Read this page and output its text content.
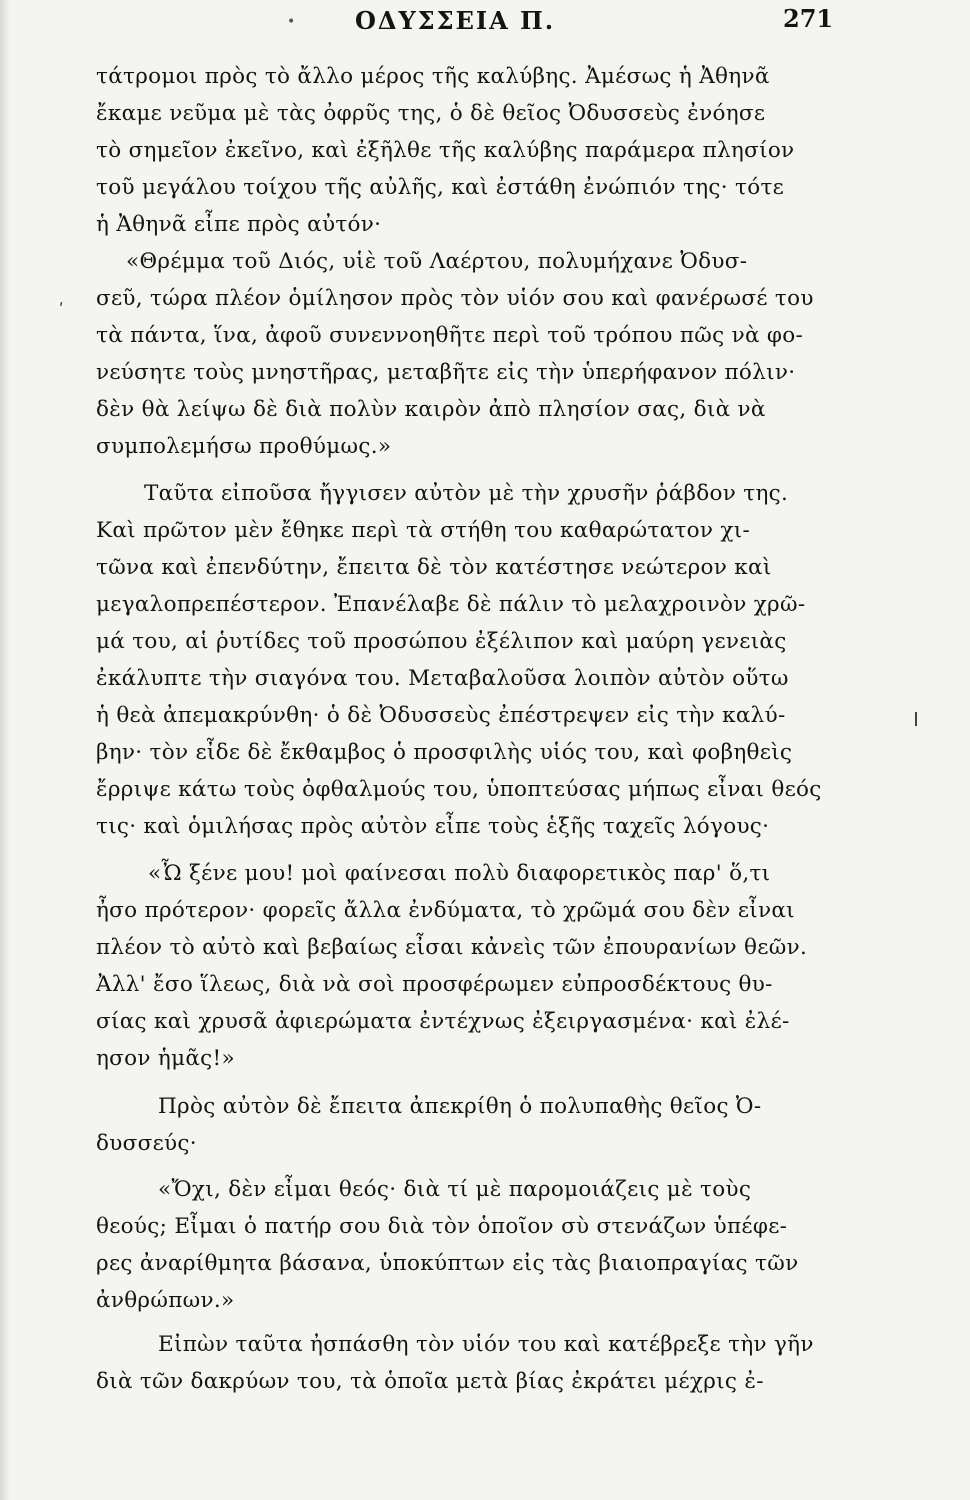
• ΟΔΥΣΣΕΙΑ Π.	271
ʹ
τάτρομοι πρὸς τὸ ἄλλο μέρος τῆς καλύβης. Ἀμέσως ἡ Ἀθηνᾶ
ἔκαμε νεῦμα μὲ τὰς ὀφρῦς της, ὁ δὲ θεῖος Ὀδυσσεὺς ἐνόησε
τὸ σημεῖον ἐκεῖνο, καὶ ἐξῆλθε τῆς καλύβης παράμερα πλησίον
τοῦ μεγάλου τοίχου τῆς αὐλῆς, καὶ ἐστάθη ἐνώπιόν της· τότε
ἡ Ἀθηνᾶ εἶπε πρὸς αὐτόν·
«Θρέμμα τοῦ Διός, υἱὲ τοῦ Λαέρτου, πολυμήχανε Ὀδυσ-
σεῦ, τώρα πλέον ὁμίλησον πρὸς τὸν υἱόν σου καὶ φανέρωσέ του
τὰ πάντα, ἵνα, ἀφοῦ συνεννοηθῆτε περὶ τοῦ τρόπου πῶς νὰ φο-
νεύσητε τοὺς μνηστῆρας, μεταβῆτε εἰς τὴν ὑπερήφανον πόλιν·
δὲν θὰ λείψω δὲ διὰ πολὺν καιρὸν ἀπὸ πλησίον σας, διὰ νὰ
συμπολεμήσω προθύμως.»
Ταῦτα εἰποῦσα ἤγγισεν αὐτὸν μὲ τὴν χρυσῆν ῥάβδον της.
Καὶ πρῶτον μὲν ἔθηκε περὶ τὰ στήθη του καθαρώτατον χι-
τῶνα καὶ ἐπενδύτην, ἔπειτα δὲ τὸν κατέστησε νεώτερον καὶ
μεγαλοπρεπέστερον. Ἐπανέλαβε δὲ πάλιν τὸ μελαχροινὸν χρῶ-
μά του, αἱ ῥυτίδες τοῦ προσώπου ἐξέλιπον καὶ μαύρη γενειὰς
ἐκάλυπτε τὴν σιαγόνα του. Μεταβαλοῦσα λοιπὸν αὐτὸν οὕτω
ἡ θεὰ ἀπεμακρύνθη· ὁ δὲ Ὀδυσσεὺς ἐπέστρεψεν εἰς τὴν καλύ-
βην· τὸν εἶδε δὲ ἔκθαμβος ὁ προσφιλὴς υἱός του, καὶ φοβηθεὶς
ἔρριψε κάτω τοὺς ὀφθαλμούς του, ὑποπτεύσας μήπως εἶναι θεός
τις· καὶ ὁμιλήσας πρὸς αὐτὸν εἶπε τοὺς ἑξῆς ταχεῖς λόγους·
«Ὦ ξένε μου! μοὶ φαίνεσαι πολὺ διαφορετικὸς παρ' ὅ,τι
ἦσο πρότερον· φορεῖς ἄλλα ἐνδύματα, τὸ χρῶμά σου δὲν εἶναι
πλέον τὸ αὐτὸ καὶ βεβαίως εἶσαι κἀνεὶς τῶν ἐπουρανίων θεῶν.
Ἀλλ' ἔσο ἵλεως, διὰ νὰ σοὶ προσφέρωμεν εὐπροσδέκτους θυ-
σίας καὶ χρυσᾶ ἀφιερώματα ἐντέχνως ἐξειργασμένα· καὶ ἐλέ-
ησον ἡμᾶς!»
Πρὸς αὐτὸν δὲ ἔπειτα ἀπεκρίθη ὁ πολυπαθὴς θεῖος Ὀ-
δυσσεύς·
«Ὄχι, δὲν εἶμαι θεός· διὰ τί μὲ παρομοιάζεις μὲ τοὺς
θεούς; Εἶμαι ὁ πατήρ σου διὰ τὸν ὁποῖον σὺ στενάζων ὑπέφε-
ρες ἀναρίθμητα βάσανα, ὑποκύπτων εἰς τὰς βιαιοπραγίας τῶν
ἀνθρώπων.»
Εἰπὼν ταῦτα ἠσπάσθη τὸν υἱόν του καὶ κατέβρεξε τὴν γῆν
διὰ τῶν δακρύων του, τὰ ὁποῖα μετὰ βίας ἐκράτει μέχρις ἐ-
